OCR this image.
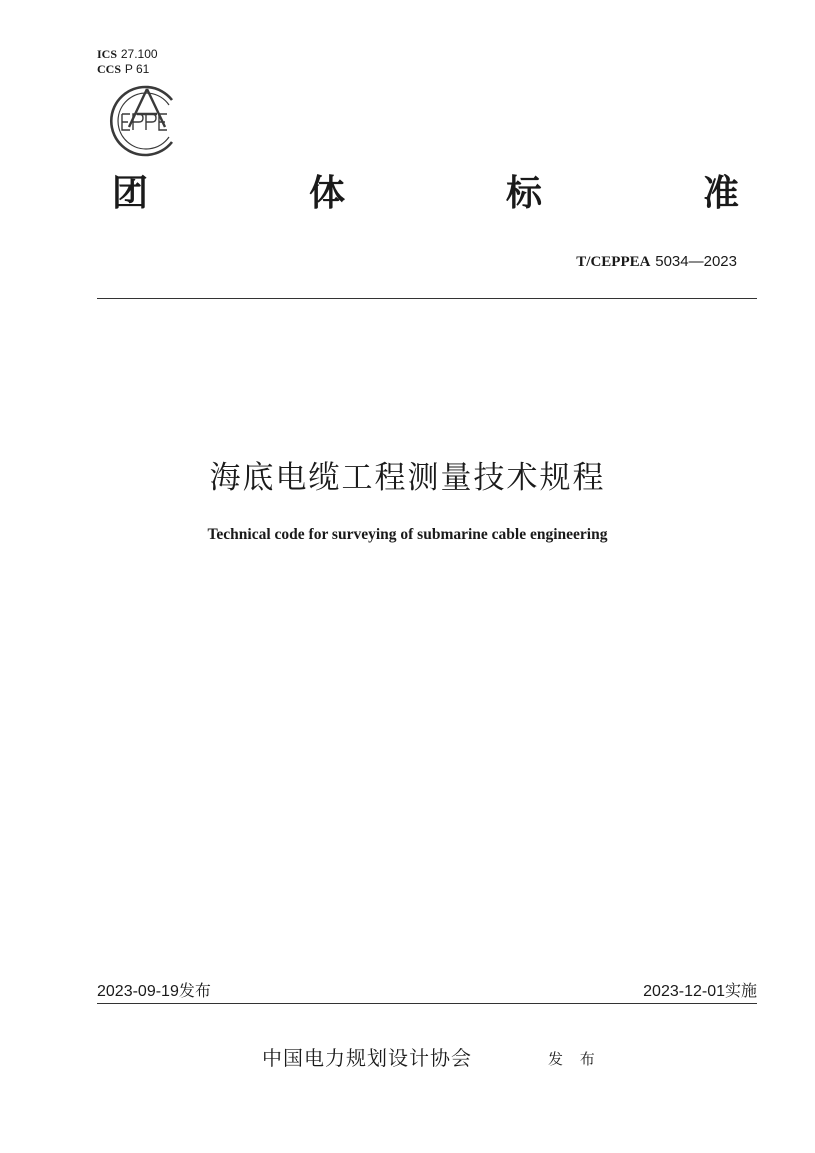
ICS 27.100
CCS P 61
团	体	标	准
T/CEPPEA 5034—2023
海底电缆工程测量技术规程
Technical code for surveying of submarine cable engineering
2023-09-19发布	2023-12-01实施
中国电力规划设计协会	发 布
